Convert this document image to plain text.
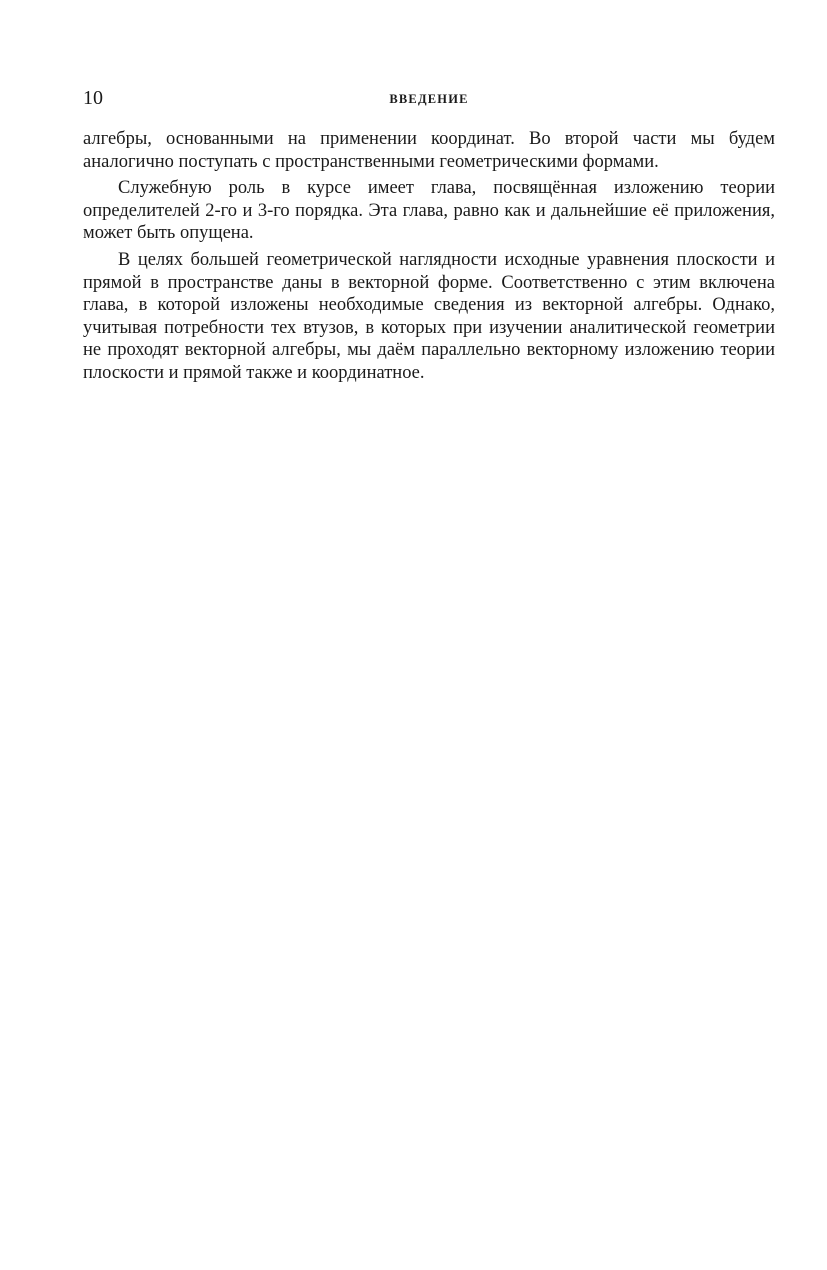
10	ВВЕДЕНИЕ

алгебры, основанными на применении координат. Во второй части мы будем аналогично поступать с пространственными геометрическими формами.

Служебную роль в курсе имеет глава, посвящённая изложению теории определителей 2-го и 3-го порядка. Эта глава, равно как и дальнейшие её приложения, может быть опущена.

В целях большей геометрической наглядности исходные уравнения плоскости и прямой в пространстве даны в векторной форме. Соответственно с этим включена глава, в которой изложены необходимые сведения из векторной алгебры. Однако, учитывая потребности тех втузов, в которых при изучении аналитической геометрии не проходят векторной алгебры, мы даём параллельно векторному изложению теории плоскости и прямой также и координатное.
